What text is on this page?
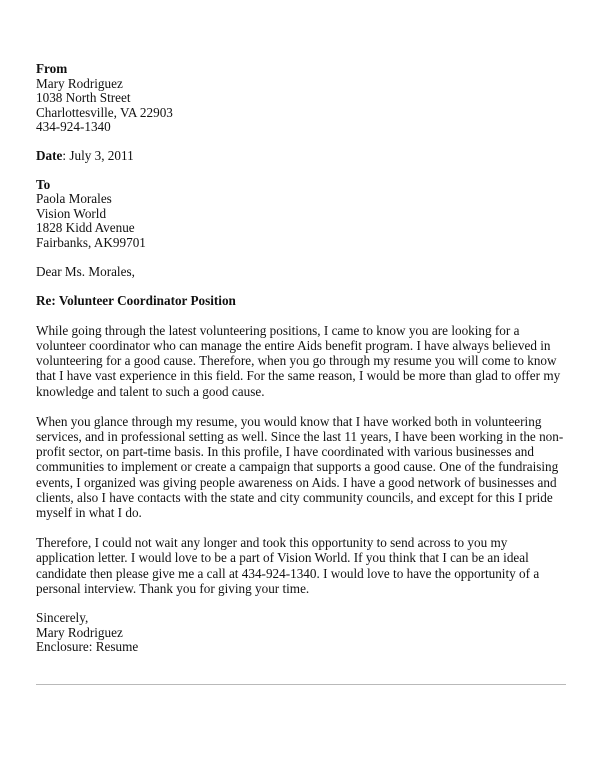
From
Mary Rodriguez
1038 North Street
Charlottesville, VA 22903
434-924-1340
Date: July 3, 2011
To
Paola Morales
Vision World
1828 Kidd Avenue
Fairbanks, AK99701
Dear Ms. Morales,
Re: Volunteer Coordinator Position

While going through the latest volunteering positions, I came to know you are looking for a volunteer coordinator who can manage the entire Aids benefit program. I have always believed in volunteering for a good cause. Therefore, when you go through my resume you will come to know that I have vast experience in this field. For the same reason, I would be more than glad to offer my knowledge and talent to such a good cause.

When you glance through my resume, you would know that I have worked both in volunteering services, and in professional setting as well. Since the last 11 years, I have been working in the non-profit sector, on part-time basis. In this profile, I have coordinated with various businesses and communities to implement or create a campaign that supports a good cause. One of the fundraising events, I organized was giving people awareness on Aids. I have a good network of businesses and clients, also I have contacts with the state and city community councils, and except for this I pride myself in what I do.

Therefore, I could not wait any longer and took this opportunity to send across to you my application letter. I would love to be a part of Vision World. If you think that I can be an ideal candidate then please give me a call at 434-924-1340. I would love to have the opportunity of a personal interview. Thank you for giving your time.

Sincerely,
Mary Rodriguez
Enclosure: Resume
